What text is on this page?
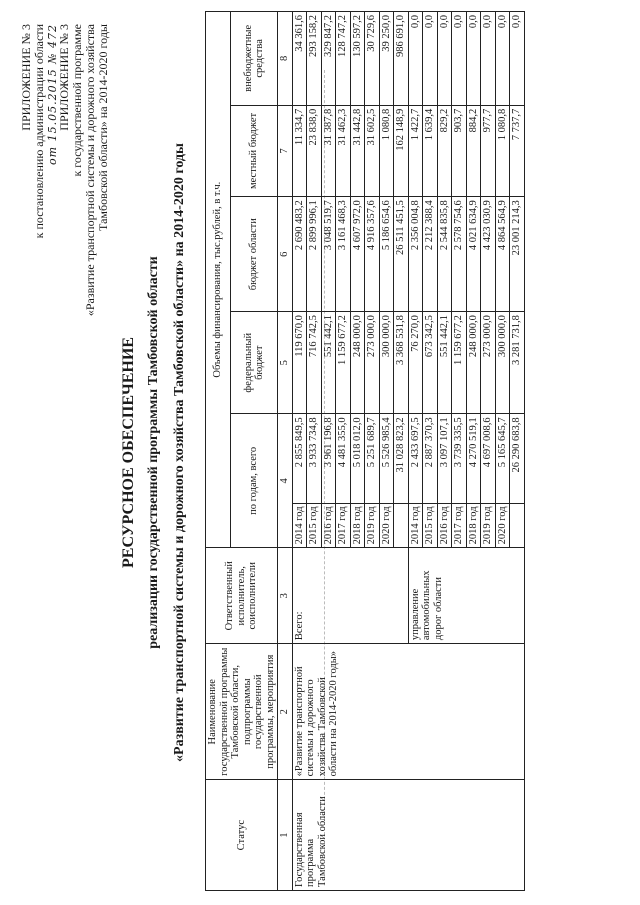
ПРИЛОЖЕНИЕ № 3 к постановлению администрации области от 15.05.2015 № 472
ПРИЛОЖЕНИЕ № 3 к государственной программе «Развитие транспортной системы и дорожного хозяйства Тамбовской области» на 2014-2020 годы
РЕСУРСНОЕ ОБЕСПЕЧЕНИЕ реализации государственной программы Тамбовской области «Развитие транспортной системы и дорожного хозяйства Тамбовской области» на 2014-2020 годы
Статус	Наименование государственной программы Тамбовской области, подпрограммы государственной программы, мероприятия	Ответственный исполнитель, соисполнители	Объемы финансирования, тыс.рублей, в т.ч.					
			по годам, всего		федеральный бюджет	бюджет области	местный бюджет	внебюджетные средства
1	2	3	4		5	6	7	8
Государственная программа Тамбовской области	«Развитие транспортной системы и дорожного хозяйства Тамбовской области на 2014-2020 годы»	Всего:	2014 год	2 855 849,5	119 670,0	2 690 483,2	11 334,7	34 361,6
			2015 год	3 933 734,8	716 742,5	2 899 996,1	23 838,0	293 158,2
			2016 год	3 961 196,8	551 442,1	3 048 519,7	31 387,8	329 847,2
			2017 год	4 481 355,0	1 159 677,2	3 161 468,3	31 462,3	128 747,2
			2018 год	5 018 012,0	248 000,0	4 607 972,0	31 442,8	130 597,2
			2019 год	5 251 689,7	273 000,0	4 916 357,6	31 602,5	30 729,6
			2020 год	5 526 985,4	300 000,0	5 186 654,6	1 080,8	39 250,0
				31 028 823,2	3 368 531,8	26 511 451,5	162 148,9	986 691,0
		управление автомобильных дорог области	2014 год	2 433 697,5	76 270,0	2 356 004,8	1 422,7	0,0
			2015 год	2 887 370,3	673 342,5	2 212 388,4	1 639,4	0,0
			2016 год	3 097 107,1	551 442,1	2 544 835,8	829,2	0,0
			2017 год	3 739 335,5	1 159 677,2	2 578 754,6	903,7	0,0
			2018 год	4 270 519,1	248 000,0	4 021 634,9	884,2	0,0
			2019 год	4 697 008,6	273 000,0	4 423 030,9	977,7	0,0
			2020 год	5 165 645,7	300 000,0	4 864 564,9	1 080,8	0,0
				26 290 683,8	3 281 731,8	23 001 214,3	7 737,7	0,0
